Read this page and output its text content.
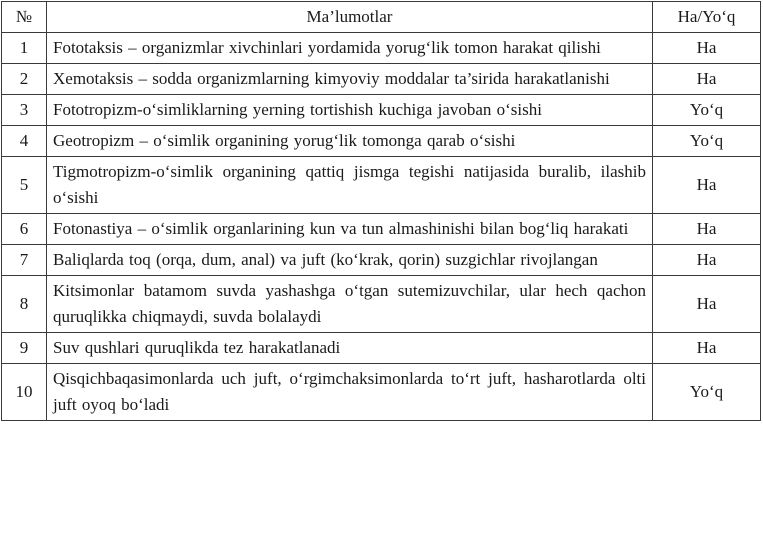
№	Ma’lumotlar	Ha/Yo‘q
1	Fototaksis – organizmlar xivchinlari yordamida yorug‘lik tomon harakat qilishi	Ha
2	Xemotaksis – sodda organizmlarning kimyoviy moddalar ta’sirida harakatlanishi	Ha
3	Fototropizm-o‘simliklarning yerning tortishish kuchiga javoban o‘sishi	Yo‘q
4	Geotropizm – o‘simlik organining yorug‘lik tomonga qarab o‘sishi	Yo‘q
5	Tigmotropizm-o‘simlik organining qattiq jismga tegishi natijasida buralib, ilashib o‘sishi	Ha
6	Fotonastiya – o‘simlik organlarining kun va tun almashinishi bilan bog‘liq harakati	Ha
7	Baliqlarda toq (orqa, dum, anal) va juft (ko‘krak, qorin) suzgichlar rivojlangan	Ha
8	Kitsimonlar batamom suvda yashashga o‘tgan sutemizuvchilar, ular hech qachon quruqlikka chiqmaydi, suvda bolalaydi	Ha
9	Suv qushlari quruqlikda tez harakatlanadi	Ha
10	Qisqichbaqasimonlarda uch juft, o‘rgimchaksimonlarda to‘rt juft, hasharotlarda olti juft oyoq bo‘ladi	Yo‘q
